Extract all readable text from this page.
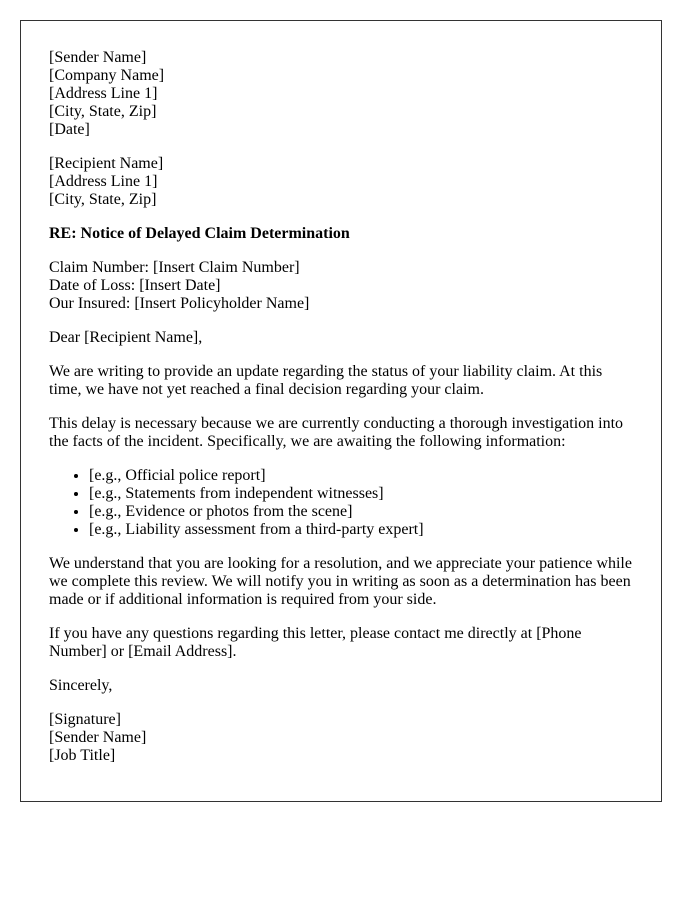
[Sender Name]
[Company Name]
[Address Line 1]
[City, State, Zip]
[Date]

[Recipient Name]
[Address Line 1]
[City, State, Zip]

RE: Notice of Delayed Claim Determination

Claim Number: [Insert Claim Number]
Date of Loss: [Insert Date]
Our Insured: [Insert Policyholder Name]

Dear [Recipient Name],

We are writing to provide an update regarding the status of your liability claim. At this time, we have not yet reached a final decision regarding your claim.

This delay is necessary because we are currently conducting a thorough investigation into the facts of the incident. Specifically, we are awaiting the following information:

• [e.g., Official police report]
• [e.g., Statements from independent witnesses]
• [e.g., Evidence or photos from the scene]
• [e.g., Liability assessment from a third-party expert]

We understand that you are looking for a resolution, and we appreciate your patience while we complete this review. We will notify you in writing as soon as a determination has been made or if additional information is required from your side.

If you have any questions regarding this letter, please contact me directly at [Phone Number] or [Email Address].

Sincerely,

[Signature]
[Sender Name]
[Job Title]
